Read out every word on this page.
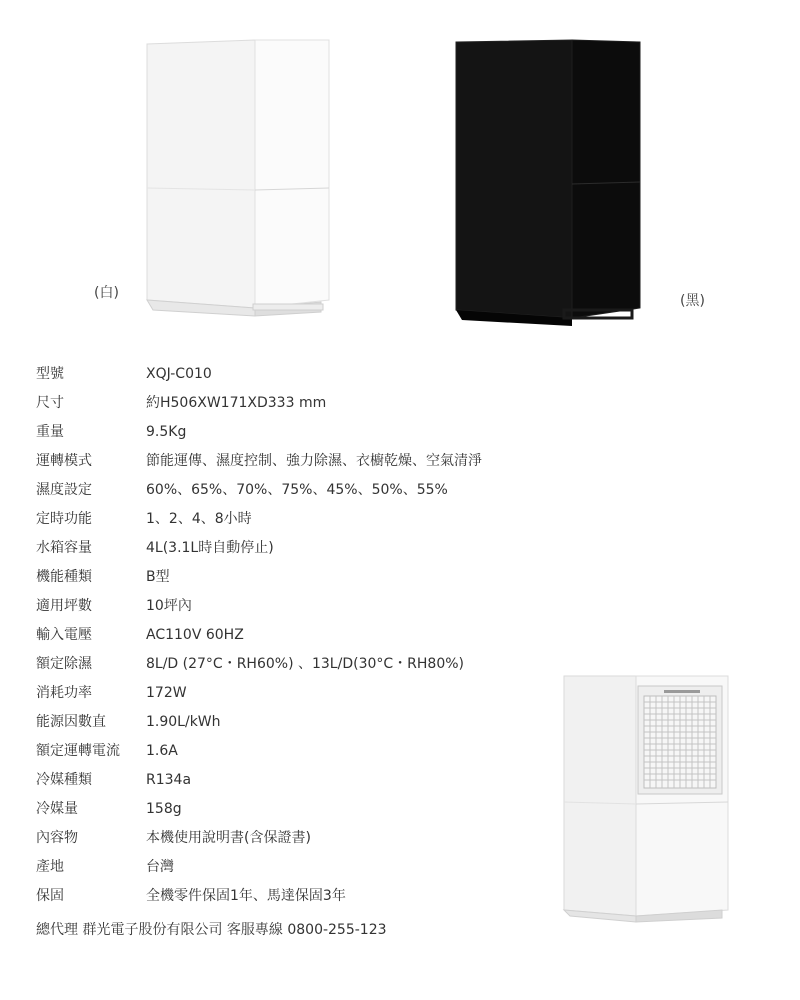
(白)	(黑)
型號	XQJ-C010
尺寸	約H506XW171XD333 mm
重量	9.5Kg
運轉模式	節能運傳、濕度控制、強力除濕、衣櫥乾燥、空氣清淨
濕度設定	60%、65%、70%、75%、45%、50%、55%
定時功能	1、2、4、8小時
水箱容量	4L(3.1L時自動停止)
機能種類	B型
適用坪數	10坪內
輸入電壓	AC110V 60HZ
額定除濕	8L/D (27°C・RH60%) 、13L/D(30°C・RH80%)
消耗功率	172W
能源因數直	1.90L/kWh
額定運轉電流	1.6A
冷媒種類	R134a
冷媒量	158g
內容物	本機使用說明書(含保證書)
產地	台灣
保固	全機零件保固1年、馬達保固3年
總代理 群光電子股份有限公司 客服專線 0800-255-123
